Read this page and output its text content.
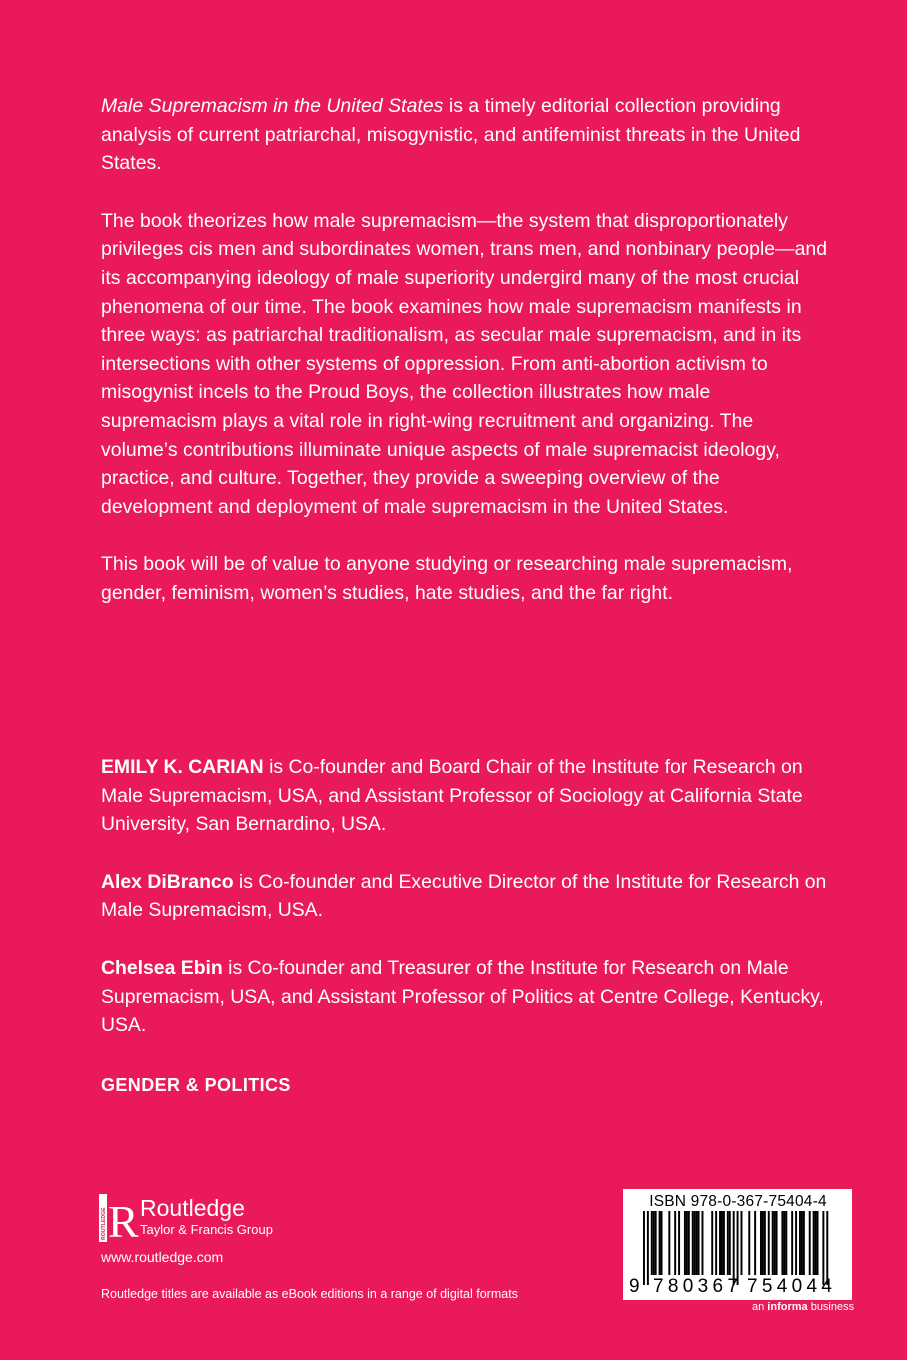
Male Supremacism in the United States is a timely editorial collection providing analysis of current patriarchal, misogynistic, and antifeminist threats in the United States.

The book theorizes how male supremacism—the system that disproportionately privileges cis men and subordinates women, trans men, and nonbinary people—and its accompanying ideology of male superiority undergird many of the most crucial phenomena of our time. The book examines how male supremacism manifests in three ways: as patriarchal traditionalism, as secular male supremacism, and in its intersections with other systems of oppression. From anti-abortion activism to misogynist incels to the Proud Boys, the collection illustrates how male supremacism plays a vital role in right-wing recruitment and organizing. The volume’s contributions illuminate unique aspects of male supremacist ideology, practice, and culture. Together, they provide a sweeping overview of the development and deployment of male supremacism in the United States.

This book will be of value to anyone studying or researching male supremacism, gender, feminism, women’s studies, hate studies, and the far right.

EMILY K. CARIAN is Co-founder and Board Chair of the Institute for Research on Male Supremacism, USA, and Assistant Professor of Sociology at California State University, San Bernardino, USA.

Alex DiBranco is Co-founder and Executive Director of the Institute for Research on Male Supremacism, USA.

Chelsea Ebin is Co-founder and Treasurer of the Institute for Research on Male Supremacism, USA, and Assistant Professor of Politics at Centre College, Kentucky, USA.

GENDER & POLITICS
ROUTLEDGE R Routledge
Taylor & Francis Group
www.routledge.com
Routledge titles are available as eBook editions in a range of digital formats
ISBN 978-0-367-75404-4
9 780367 754044
an informa business
